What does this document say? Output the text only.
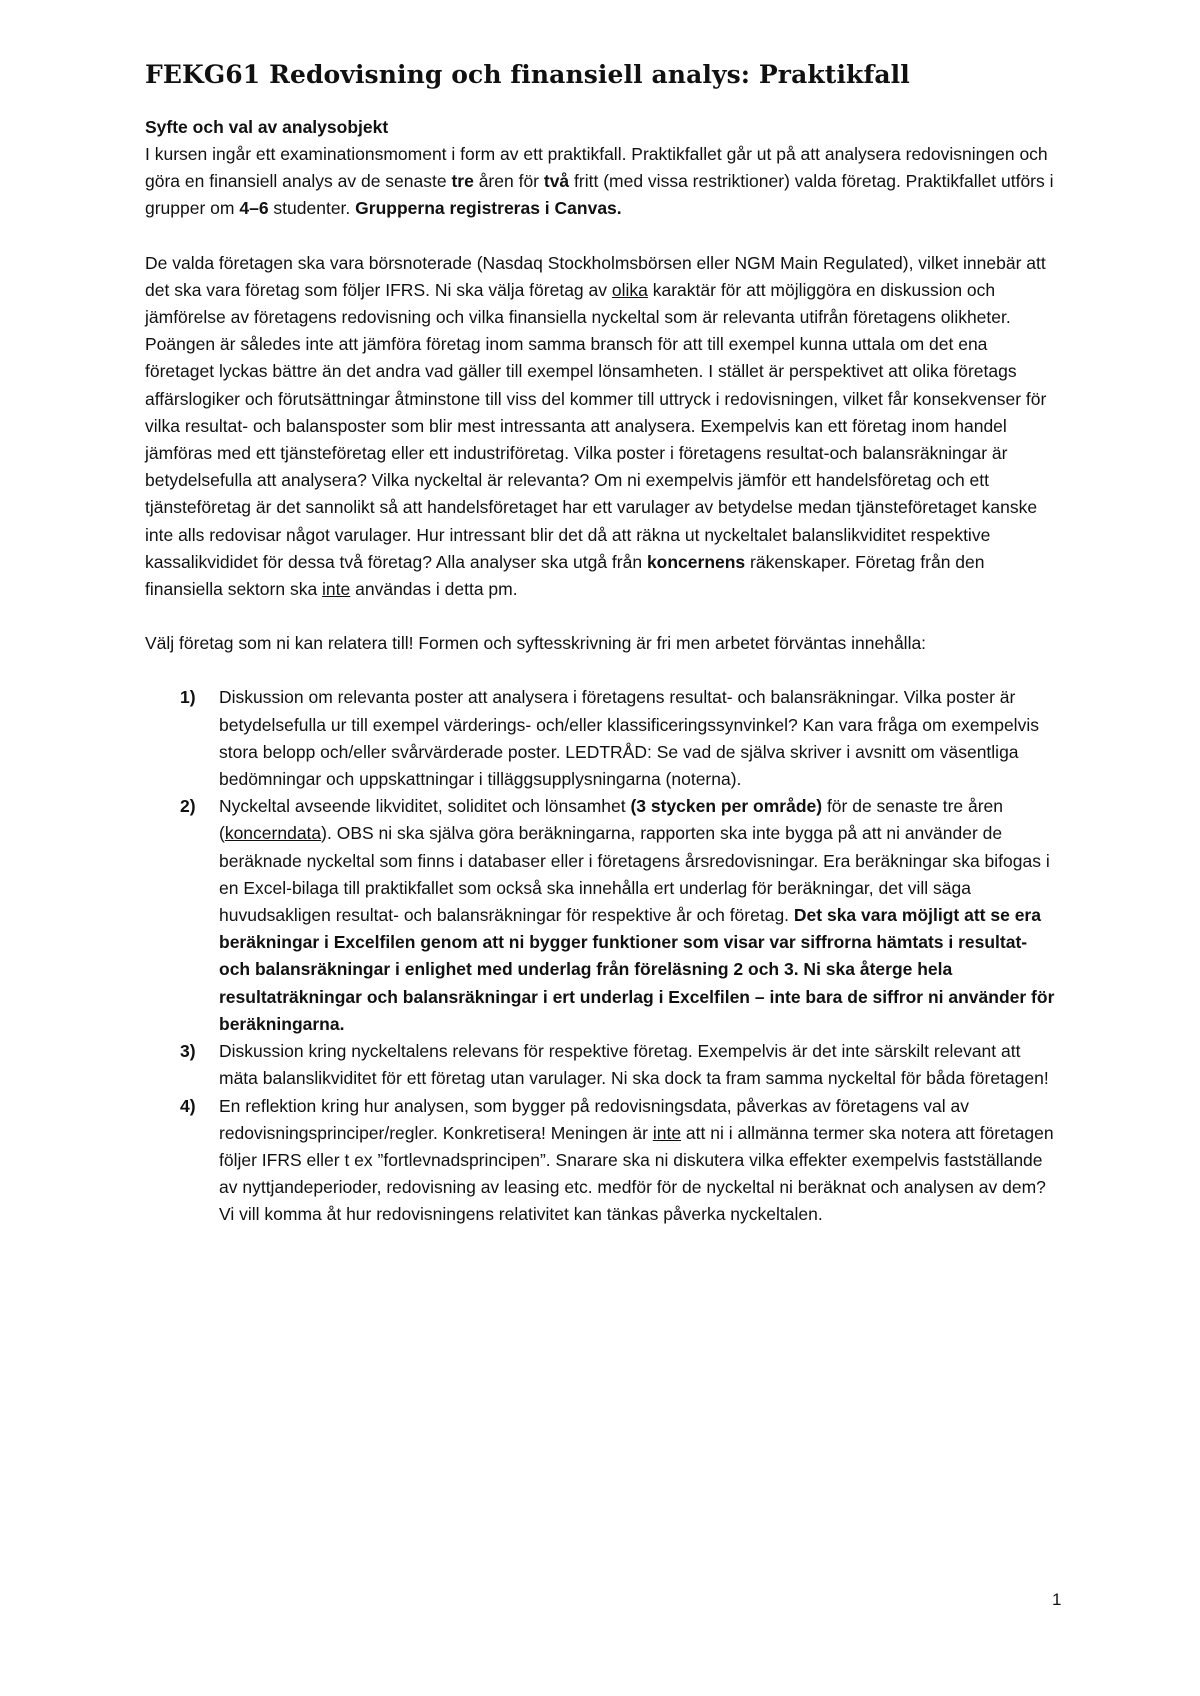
FEKG61 Redovisning och finansiell analys: Praktikfall
Syfte och val av analysobjekt

I kursen ingår ett examinationsmoment i form av ett praktikfall. Praktikfallet går ut på att analysera redovisningen och göra en finansiell analys av de senaste tre åren för två fritt (med vissa restriktioner) valda företag. Praktikfallet utförs i grupper om 4–6 studenter. Grupperna registreras i Canvas.

De valda företagen ska vara börsnoterade (Nasdaq Stockholmsbörsen eller NGM Main Regulated), vilket innebär att det ska vara företag som följer IFRS. Ni ska välja företag av olika karaktär för att möjliggöra en diskussion och jämförelse av företagens redovisning och vilka finansiella nyckeltal som är relevanta utifrån företagens olikheter. Poängen är således inte att jämföra företag inom samma bransch för att till exempel kunna uttala om det ena företaget lyckas bättre än det andra vad gäller till exempel lönsamheten. I stället är perspektivet att olika företags affärslogiker och förutsättningar åtminstone till viss del kommer till uttryck i redovisningen, vilket får konsekvenser för vilka resultat- och balansposter som blir mest intressanta att analysera. Exempelvis kan ett företag inom handel jämföras med ett tjänsteföretag eller ett industriföretag. Vilka poster i företagens resultat-och balansräkningar är betydelsefulla att analysera? Vilka nyckeltal är relevanta? Om ni exempelvis jämför ett handelsföretag och ett tjänsteföretag är det sannolikt så att handelsföretaget har ett varulager av betydelse medan tjänsteföretaget kanske inte alls redovisar något varulager. Hur intressant blir det då att räkna ut nyckeltalet balanslikviditet respektive kassalikvididet för dessa två företag? Alla analyser ska utgå från koncernens räkenskaper. Företag från den finansiella sektorn ska inte användas i detta pm.

Välj företag som ni kan relatera till! Formen och syftesskrivning är fri men arbetet förväntas innehålla:

1) Diskussion om relevanta poster att analysera i företagens resultat- och balansräkningar. Vilka poster är betydelsefulla ur till exempel värderings- och/eller klassificeringssynvinkel? Kan vara fråga om exempelvis stora belopp och/eller svårvärderade poster. LEDTRÅD: Se vad de själva skriver i avsnitt om väsentliga bedömningar och uppskattningar i tilläggsupplysningarna (noterna).
2) Nyckeltal avseende likviditet, soliditet och lönsamhet (3 stycken per område) för de senaste tre åren (koncerndata). OBS ni ska själva göra beräkningarna, rapporten ska inte bygga på att ni använder de beräknade nyckeltal som finns i databaser eller i företagens årsredovisningar. Era beräkningar ska bifogas i en Excel-bilaga till praktikfallet som också ska innehålla ert underlag för beräkningar, det vill säga huvudsakligen resultat- och balansräkningar för respektive år och företag. Det ska vara möjligt att se era beräkningar i Excelfilen genom att ni bygger funktioner som visar var siffrorna hämtats i resultat- och balansräkningar i enlighet med underlag från föreläsning 2 och 3. Ni ska återge hela resultaträkningar och balansräkningar i ert underlag i Excelfilen – inte bara de siffror ni använder för beräkningarna.
3) Diskussion kring nyckeltalens relevans för respektive företag. Exempelvis är det inte särskilt relevant att mäta balanslikviditet för ett företag utan varulager. Ni ska dock ta fram samma nyckeltal för båda företagen!
4) En reflektion kring hur analysen, som bygger på redovisningsdata, påverkas av företagens val av redovisningsprinciper/regler. Konkretisera! Meningen är inte att ni i allmänna termer ska notera att företagen följer IFRS eller t ex ”fortlevnadsprincipen”. Snarare ska ni diskutera vilka effekter exempelvis fastställande av nyttjandeperioder, redovisning av leasing etc. medför för de nyckeltal ni beräknat och analysen av dem? Vi vill komma åt hur redovisningens relativitet kan tänkas påverka nyckeltalen.
1
